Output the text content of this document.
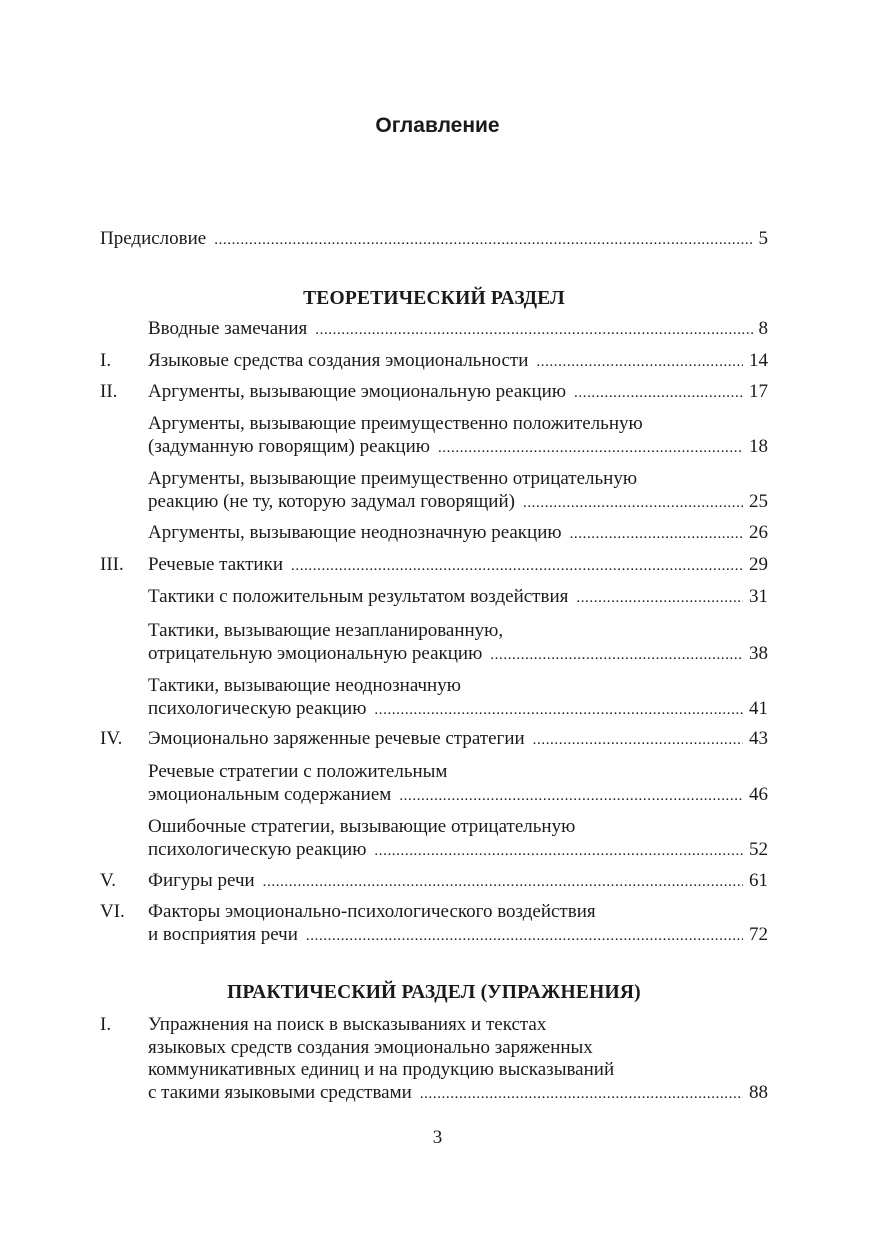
Оглавление
Предисловие .....	5
ТЕОРЕТИЧЕСКИЙ РАЗДЕЛ
Вводные замечания .....	8
I. Языковые средства создания эмоциональности .....	14
II. Аргументы, вызывающие эмоциональную реакцию .....	17
Аргументы, вызывающие преимущественно положительную
(задуманную говорящим) реакцию .....	18
Аргументы, вызывающие преимущественно отрицательную
реакцию (не ту, которую задумал говорящий) .....	25
Аргументы, вызывающие неоднозначную реакцию .....	26
III. Речевые тактики .....	29
Тактики с положительным результатом воздействия .....	31
Тактики, вызывающие незапланированную,
отрицательную эмоциональную реакцию .....	38
Тактики, вызывающие неоднозначную
психологическую реакцию .....	41
IV. Эмоционально заряженные речевые стратегии .....	43
Речевые стратегии с положительным
эмоциональным содержанием .....	46
Ошибочные стратегии, вызывающие отрицательную
психологическую реакцию .....	52
V. Фигуры речи .....	61
VI. Факторы эмоционально-психологического воздействия
и восприятия речи .....	72
ПРАКТИЧЕСКИЙ РАЗДЕЛ (УПРАЖНЕНИЯ)
I. Упражнения на поиск в высказываниях и текстах
языковых средств создания эмоционально заряженных
коммуникативных единиц и на продукцию высказываний
с такими языковыми средствами .....	88
3
